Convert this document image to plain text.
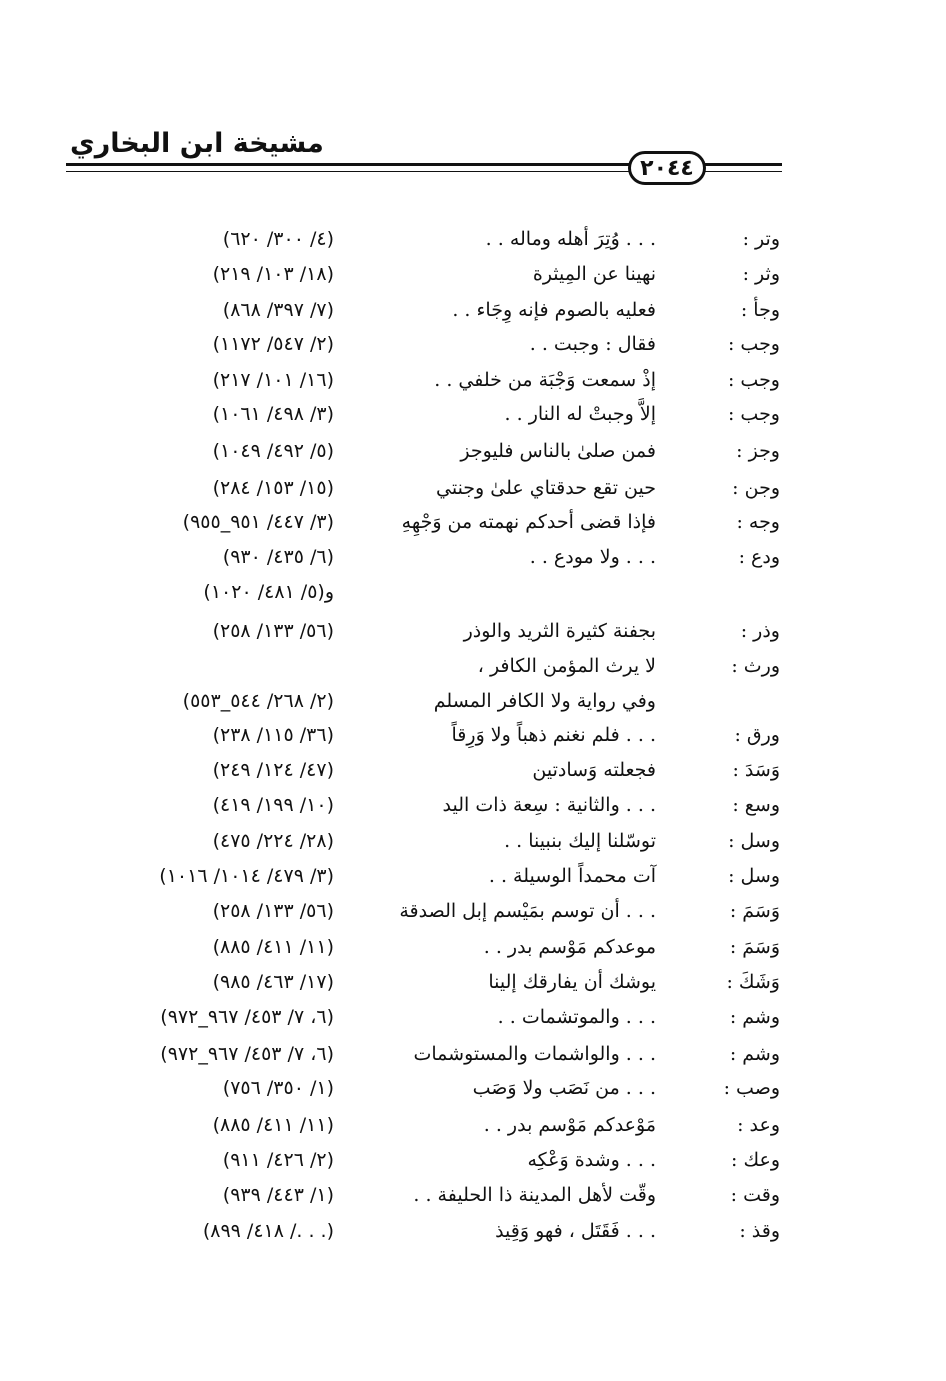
مشيخة ابن البخاري
٢٠٤٤
وتر :
. . . وُتِرَ أهله وماله . .
(٤/ ٣٠٠/ ٦٢٠)
وثر :
نهينا عن المِيثرة
(١٨/ ١٠٣/ ٢١٩)
وجأ :
فعليه بالصوم فإنه وِجَاء . .
(٧/ ٣٩٧/ ٨٦٨)
وجب :
فقال : وجبت . .
(٢/ ٥٤٧/ ١١٧٢)
وجب :
إذْ سمعت وَجْبَة من خلفي . .
(١٦/ ١٠١/ ٢١٧)
وجب :
إلاَّ وجبتْ له النار . .
(٣/ ٤٩٨/ ١٠٦١)
وجز :
فمن صلىٰ بالناس فليوجز
(٥/ ٤٩٢/ ١٠٤٩)
وجن :
حين تقع حدقتاي علىٰ وجنتي
(١٥/ ١٥٣/ ٢٨٤)
وجه :
فإذا قضى أحدكم نهمته من وَجْهِهِ
(٣/ ٤٤٧/ ٩٥١_٩٥٥)
ودع :
. . . ولا مودع . .
(٦/ ٤٣٥/ ٩٣٠)
و(٥/ ٤٨١/ ١٠٢٠)
وذر :
بجفنة كثيرة الثريد والوذر
(٥٦/ ١٣٣/ ٢٥٨)
ورث :
لا يرث المؤمن الكافر ،
وفي رواية ولا الكافر المسلم
(٢/ ٢٦٨/ ٥٤٤_٥٥٣)
ورق :
. . . فلم نغنم ذهباً ولا وَرِقاً
(٣٦/ ١١٥/ ٢٣٨)
وَسَدَ :
فجعلته وَسادتين
(٤٧/ ١٢٤/ ٢٤٩)
وسع :
. . . والثانية : سِعة ذات اليد
(١٠/ ١٩٩/ ٤١٩)
وسل :
توسّلنا إليك بنبينا . .
(٢٨/ ٢٢٤/ ٤٧٥)
وسل :
آت محمداً الوسيلة . .
(٣/ ٤٧٩/ ١٠١٤/ ١٠١٦)
وَسَمَ :
. . . أن توسم بمَيْسم إبل الصدقة
(٥٦/ ١٣٣/ ٢٥٨)
وَسَمَ :
موعدكم مَوْسم بدر . .
(١١/ ٤١١/ ٨٨٥)
وَشَكَ :
يوشك أن يفارقك إلينا
(١٧/ ٤٦٣/ ٩٨٥)
وشم :
. . . والموتشمات . .
(٦، ٧/ ٤٥٣/ ٩٦٧_٩٧٢)
وشم :
. . . والواشمات والمستوشمات
(٦، ٧/ ٤٥٣/ ٩٦٧_٩٧٢)
وصب :
. . . من نَصَب ولا وَصَب
(١/ ٣٥٠/ ٧٥٦)
وعد :
مَوْعدكم مَوْسم بدر . .
(١١/ ٤١١/ ٨٨٥)
وعك :
. . . وشدة وَعْكِه
(٢/ ٤٢٦/ ٩١١)
وقت :
وقّت لأهل المدينة ذا الحليفة . .
(١/ ٤٤٣/ ٩٣٩)
وقذ :
. . . فَقَتَل ، فهو وَقِيذ
(. . ./ ٤١٨/ ٨٩٩)
